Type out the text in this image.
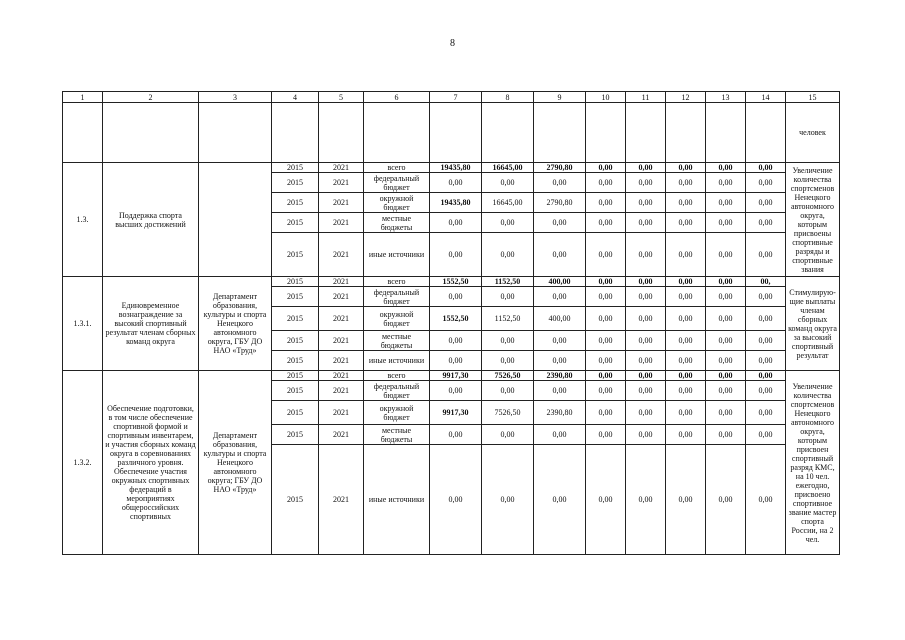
8
1	2	3	4	5	6	7	8	9	10	11	12	13	14	15
														человек
1.3.	Поддержка спорта высших достижений		2015	2021	всего	19435,80	16645,00	2790,80	0,00	0,00	0,00	0,00	0,00	Увеличение количества спортсменов Ненецкого автономного округа, которым присвоены спортивные разряды и спортивные звания
			2015	2021	федеральный бюджет	0,00	0,00	0,00	0,00	0,00	0,00	0,00	0,00	
			2015	2021	окружной бюджет	19435,80	16645,00	2790,80	0,00	0,00	0,00	0,00	0,00	
			2015	2021	местные бюджеты	0,00	0,00	0,00	0,00	0,00	0,00	0,00	0,00	
			2015	2021	иные источники	0,00	0,00	0,00	0,00	0,00	0,00	0,00	0,00	
1.3.1.	Единовременное вознаграждение за высокий спортивный результат членам сборных команд округа	Департамент образования, культуры и спорта Ненецкого автономного округа, ГБУ ДО НАО «Труд»	2015	2021	всего	1552,50	1152,50	400,00	0,00	0,00	0,00	0,00	00,	Стимулирую-щие выплаты членам сборных команд округа за высокий спортивный результат
			2015	2021	федеральный бюджет	0,00	0,00	0,00	0,00	0,00	0,00	0,00	0,00	
			2015	2021	окружной бюджет	1552,50	1152,50	400,00	0,00	0,00	0,00	0,00	0,00	
			2015	2021	местные бюджеты	0,00	0,00	0,00	0,00	0,00	0,00	0,00	0,00	
			2015	2021	иные источники	0,00	0,00	0,00	0,00	0,00	0,00	0,00	0,00	
1.3.2.	Обеспечение подготовки, в том числе обеспечение спортивной формой и спортивным инвентарем, и участия сборных команд округа в соревнованиях различного уровня. Обеспечение участия окружных спортивных федераций в мероприятиях общероссийских спортивных	Департамент образования, культуры и спорта Ненецкого автономного округа; ГБУ ДО НАО «Труд»	2015	2021	всего	9917,30	7526,50	2390,80	0,00	0,00	0,00	0,00	0,00	Увеличение количества спортсменов Ненецкого автономного округа, которым присвоен спортивный разряд КМС, на 10 чел. ежегодно, присвоено спортивное звание мастер спорта России, на 2 чел.
			2015	2021	федеральный бюджет	0,00	0,00	0,00	0,00	0,00	0,00	0,00	0,00	
			2015	2021	окружной бюджет	9917,30	7526,50	2390,80	0,00	0,00	0,00	0,00	0,00	
			2015	2021	местные бюджеты	0,00	0,00	0,00	0,00	0,00	0,00	0,00	0,00	
			2015	2021	иные источники	0,00	0,00	0,00	0,00	0,00	0,00	0,00	0,00	
